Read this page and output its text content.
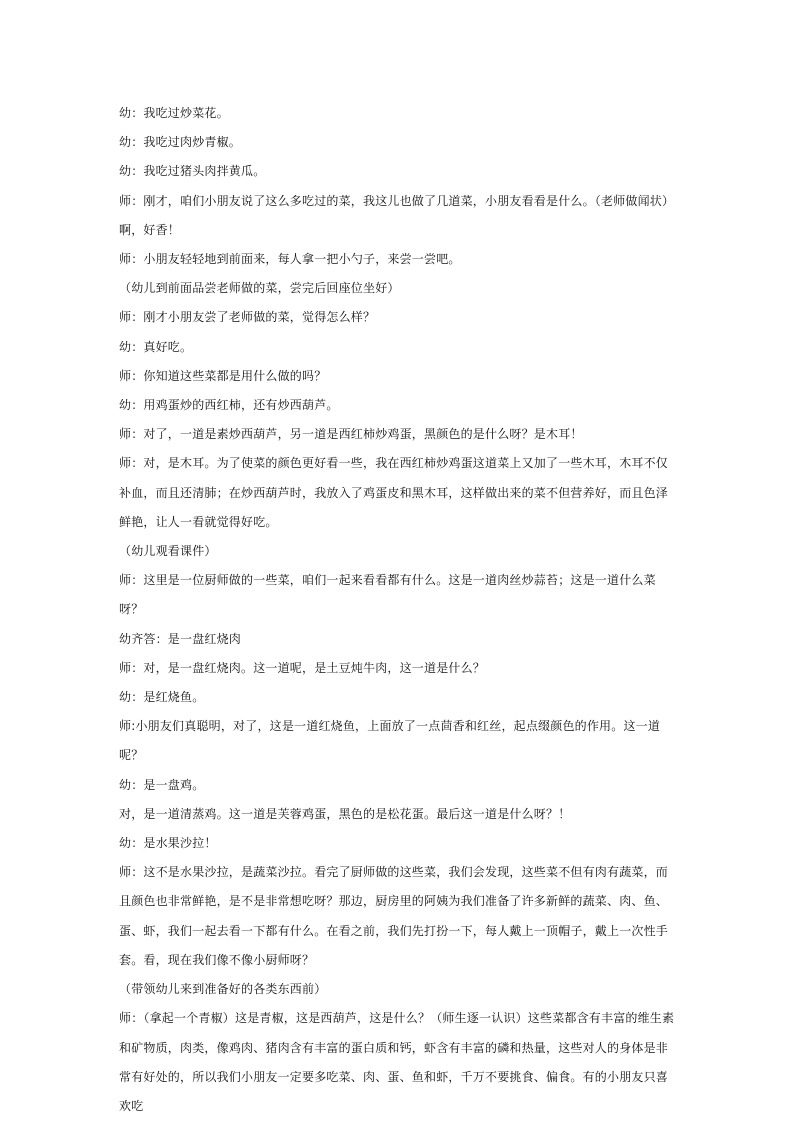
幼：我吃过炒菜花。

幼：我吃过肉炒青椒。

幼：我吃过猪头肉拌黄瓜。

师：刚才，咱们小朋友说了这么多吃过的菜，我这儿也做了几道菜，小朋友看看是什么。（老师做闻状）啊，好香！

师：小朋友轻轻地到前面来，每人拿一把小勺子，来尝一尝吧。

（幼儿到前面品尝老师做的菜，尝完后回座位坐好）

师：刚才小朋友尝了老师做的菜，觉得怎么样？

幼：真好吃。

师：你知道这些菜都是用什么做的吗？

幼：用鸡蛋炒的西红柿，还有炒西葫芦。

师：对了，一道是素炒西葫芦，另一道是西红柿炒鸡蛋，黑颜色的是什么呀？是木耳！

师：对，是木耳。为了使菜的颜色更好看一些，我在西红柿炒鸡蛋这道菜上又加了一些木耳，木耳不仅补血，而且还清肺；在炒西葫芦时，我放入了鸡蛋皮和黑木耳，这样做出来的菜不但营养好，而且色泽鲜艳，让人一看就觉得好吃。

（幼儿观看课件）

师：这里是一位厨师做的一些菜，咱们一起来看看都有什么。这是一道肉丝炒蒜苔；这是一道什么菜呀？

幼齐答：是一盘红烧肉

师：对，是一盘红烧肉。这一道呢，是土豆炖牛肉，这一道是什么？

幼：是红烧鱼。

师:小朋友们真聪明，对了，这是一道红烧鱼，上面放了一点茴香和红丝，起点缀颜色的作用。这一道呢？

幼：是一盘鸡。

对，是一道清蒸鸡。这一道是芙蓉鸡蛋，黑色的是松花蛋。最后这一道是什么呀？！

幼：是水果沙拉！

师：这不是水果沙拉，是蔬菜沙拉。看完了厨师做的这些菜，我们会发现，这些菜不但有肉有蔬菜，而且颜色也非常鲜艳，是不是非常想吃呀？那边，厨房里的阿姨为我们准备了许多新鲜的蔬菜、肉、鱼、蛋、虾，我们一起去看一下都有什么。在看之前，我们先打扮一下，每人戴上一顶帽子，戴上一次性手套。看，现在我们像不像小厨师呀？

（带领幼儿来到准备好的各类东西前）

师：（拿起一个青椒）这是青椒，这是西葫芦，这是什么？（师生逐一认识）这些菜都含有丰富的维生素和矿物质，肉类，像鸡肉、猪肉含有丰富的蛋白质和钙，虾含有丰富的磷和热量，这些对人的身体是非常有好处的，所以我们小朋友一定要多吃菜、肉、蛋、鱼和虾，千万不要挑食、偏食。有的小朋友只喜欢吃
